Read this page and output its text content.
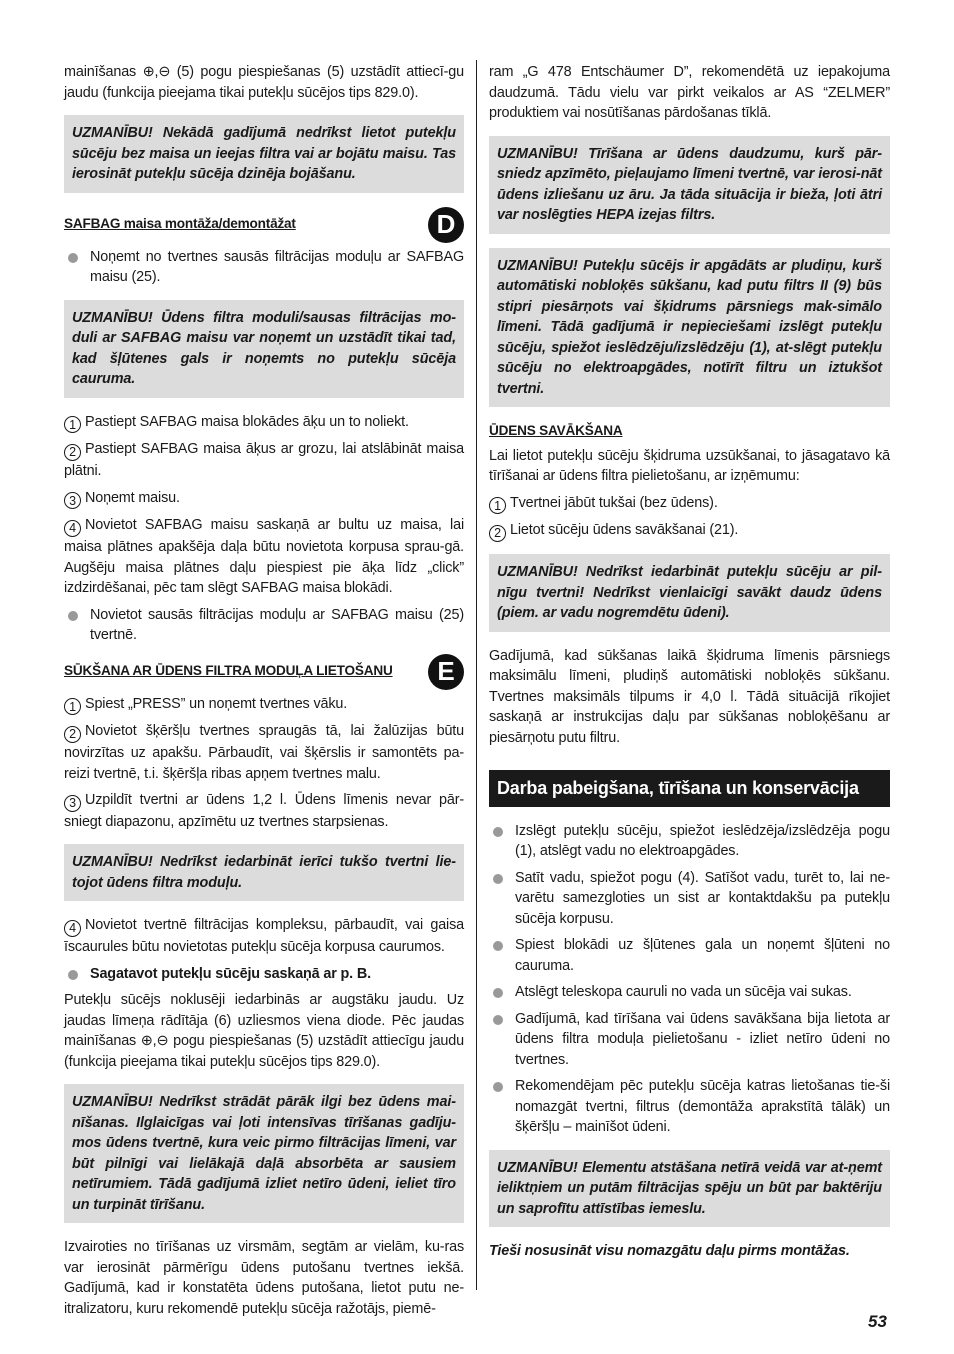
mainīšanas ⊕,⊖ (5) pogu piespiešanas (5) uzstādīt attiecī-gu jaudu (funkcija pieejama tikai putekļu sūcējos tips 829.0).

UZMANĪBU! Nekādā gadījumā nedrīkst lietot putekļu sūcēju bez maisa un ieejas filtra vai ar bojātu maisu. Tas ierosināt putekļu sūcēja dzinēja bojāšanu.

SAFBAG maisa montāža/demontāžat	D

Noņemt no tvertnes sausās filtrācijas moduļu ar SAFBAG maisu (25).

UZMANĪBU! Ūdens filtra moduli/sausas filtrācijas mo-duli ar SAFBAG maisu var noņemt un uzstādīt tikai tad, kad šļūtenes gals ir noņemts no putekļu sūcēja cauruma.

1 Pastiept SAFBAG maisa blokādes āķu un to noliekt.

2 Pastiept SAFBAG maisa āķus ar grozu, lai atslābināt maisa plātni.

3 Noņemt maisu.

4 Novietot SAFBAG maisu saskaņā ar bultu uz maisa, lai maisa plātnes apakšēja daļa būtu novietota korpusa sprau-gā. Augšēju maisa plātnes daļu piespiest pie āķa līdz „click” izdzirdēšanai, pēc tam slēgt SAFBAG maisa blokādi.

Novietot sausās filtrācijas moduļu ar SAFBAG maisu (25) tvertnē.

SŪKŠANA AR ŪDENS FILTRA MODUĻA LIETOŠANU	E

1 Spiest „PRESS” un noņemt tvertnes vāku.

2 Novietot šķēršļu tvertnes spraugās tā, lai žalūzijas būtu novirzītas uz apakšu. Pārbaudīt, vai šķērslis ir samontēts pa-reizi tvertnē, t.i. šķēršļa ribas apņem tvertnes malu.

3 Uzpildīt tvertni ar ūdens 1,2 l. Ūdens līmenis nevar pār-sniegt diapazonu, apzīmētu uz tvertnes starpsienas.

UZMANĪBU! Nedrīkst iedarbināt ierīci tukšo tvertni lie-tojot ūdens filtra moduļu.

4 Novietot tvertnē filtrācijas kompleksu, pārbaudīt, vai gaisa īscaurules būtu novietotas putekļu sūcēja korpusa caurumos.

Sagatavot putekļu sūcēju saskaņā ar p. B.

Putekļu sūcējs noklusēji iedarbinās ar augstāku jaudu. Uz jaudas līmeņa rādītāja (6) uzliesmos viena diode. Pēc jaudas mainīšanas ⊕,⊖ pogu piespiešanas (5) uzstādīt attiecīgu jaudu (funkcija pieejama tikai putekļu sūcējos tips 829.0).

UZMANĪBU! Nedrīkst strādāt pārāk ilgi bez ūdens mai-nīšanas. Ilglaicīgas vai ļoti intensīvas tīrīšanas gadīju-mos ūdens tvertnē, kura veic pirmo filtrācijas līmeni, var būt pilnīgi vai lielākajā daļā absorbēta ar sausiem netīrumiem. Tādā gadījumā izliet netīro ūdeni, ieliet tīro un turpināt tīrīšanu.

Izvairoties no tīrīšanas uz virsmām, segtām ar vielām, ku-ras var ierosināt pārmērīgu ūdens putošanu tvertnes iekšā. Gadījumā, kad ir konstatēta ūdens putošana, lietot putu ne-itralizatoru, kuru rekomendē putekļu sūcēja ražotājs, piemē-

ram „G 478 Entschäumer D”, rekomendētā uz iepakojuma daudzumā. Tādu vielu var pirkt veikalos ar AS “ZELMER” produktiem vai nosūtīšanas pārdošanas tīklā.

UZMANĪBU! Tīrīšana ar ūdens daudzumu, kurš pār-sniedz apzīmēto, pieļaujamo līmeni tvertnē, var ierosi-nāt ūdens izliešanu uz āru. Ja tāda situācija ir bieža, ļoti ātri var noslēgties HEPA izejas filtrs.
UZMANĪBU! Putekļu sūcējs ir apgādāts ar pludiņu, kurš automātiski nobloķēs sūkšanu, kad putu filtrs II (9) būs stipri piesārņots vai šķidrums pārsniegs mak-simālo līmeni. Tādā gadījumā ir nepieciešami izslēgt putekļu sūcēju, spiežot ieslēdzēju/izslēdzēju (1), at-slēgt putekļu sūcēju no elektroapgādes, notīrīt filtru un iztukšot tvertni.

ŪDENS SAVĀKŠANA

Lai lietot putekļu sūcēju šķidruma uzsūkšanai, to jāsagatavo kā tīrīšanai ar ūdens filtra pielietošanu, ar izņēmumu:

1 Tvertnei jābūt tukšai (bez ūdens).

2 Lietot sūcēju ūdens savākšanai (21).

UZMANĪBU! Nedrīkst iedarbināt putekļu sūcēju ar pil-nīgu tvertni! Nedrīkst vienlaicīgi savākt daudz ūdens (piem. ar vadu nogremdētu ūdeni).

Gadījumā, kad sūkšanas laikā šķidruma līmenis pārsniegs maksimālu līmeni, pludiņš automātiski nobloķēs sūkšanu. Tvertnes maksimāls tilpums ir 4,0 l. Tādā situācijā rīkojiet saskaņā ar instrukcijas daļu par sūkšanas nobloķēšanu ar piesārņotu putu filtru.

Darba pabeigšana, tīrīšana un konservācija

Izslēgt putekļu sūcēju, spiežot ieslēdzēja/izslēdzēja pogu (1), atslēgt vadu no elektroapgādes.

Satīt vadu, spiežot pogu (4). Satīšot vadu, turēt to, lai ne-varētu samezgloties un sist ar kontaktdakšu pa putekļu sūcēja korpusu.

Spiest blokādi uz šļūtenes gala un noņemt šļūteni no cauruma.

Atslēgt teleskopa cauruli no vada un sūcēja vai sukas.

Gadījumā, kad tīrīšana vai ūdens savākšana bija lietota ar ūdens filtra moduļa pielietošanu - izliet netīro ūdeni no tvertnes.

Rekomendējam pēc putekļu sūcēja katras lietošanas tie-ši nomazgāt tvertni, filtrus (demontāža aprakstītā tālāk) un šķēršļu – mainīšot ūdeni.

UZMANĪBU! Elementu atstāšana netīrā veidā var at-ņemt ieliktņiem un putām filtrācijas spēju un būt par baktēriju un saprofītu attīstības iemeslu.

Tieši nosusināt visu nomazgātu daļu pirms montāžas.

53
